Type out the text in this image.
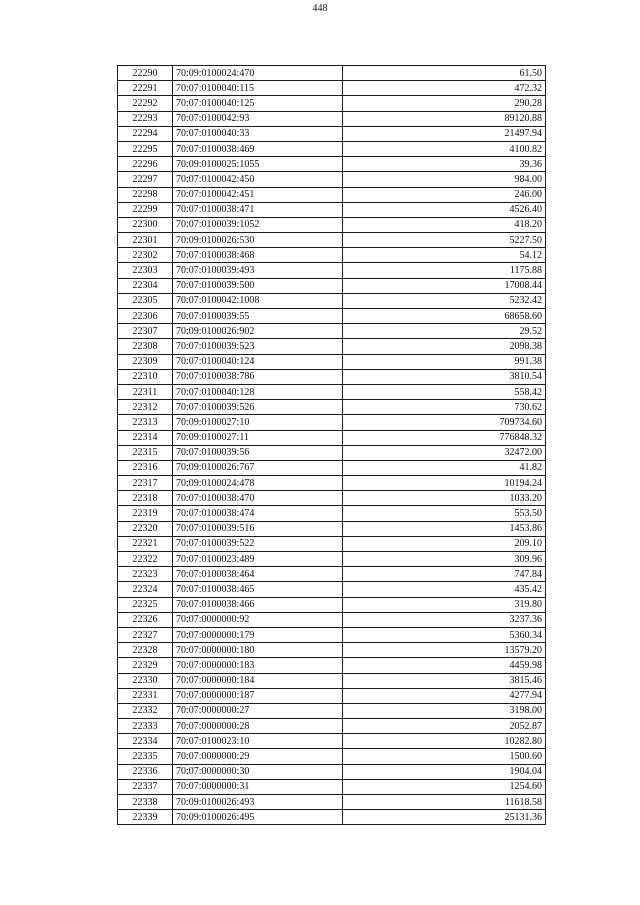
448
22290	70:09:0100024:470	61.50
22291	70:07:0100040:115	472.32
22292	70:07:0100040:125	290.28
22293	70:07:0100042:93	89120.88
22294	70:07:0100040:33	21497.94
22295	70:07:0100038:469	4100.82
22296	70:09:0100025:1055	39.36
22297	70:07:0100042:450	984.00
22298	70:07:0100042:451	246.00
22299	70:07:0100038:471	4526.40
22300	70:07:0100039:1052	418.20
22301	70:09:0100026:530	5227.50
22302	70:07:0100038:468	54.12
22303	70:07:0100039:493	1175.88
22304	70:07:0100039:500	17008.44
22305	70:07:0100042:1008	5232.42
22306	70:07:0100039:55	68658.60
22307	70:09:0100026:902	29.52
22308	70:07:0100039:523	2098.38
22309	70:07:0100040:124	991.38
22310	70:07:0100038:786	3810.54
22311	70:07:0100040:128	558.42
22312	70:07:0100039:526	730.62
22313	70:09:0100027:10	709734.60
22314	70:09:0100027:11	776848.32
22315	70:07:0100039:56	32472.00
22316	70:09:0100026:767	41.82
22317	70:09:0100024:478	10194.24
22318	70:07:0100038:470	1033.20
22319	70:07:0100038:474	553.50
22320	70:07:0100039:516	1453.86
22321	70:07:0100039:522	209.10
22322	70:07:0100023:489	309.96
22323	70:07:0100038:464	747.84
22324	70:07:0100038:465	435.42
22325	70:07:0100038:466	319.80
22326	70:07:0000000:92	3237.36
22327	70:07:0000000:179	5360.34
22328	70:07:0000000:180	13579.20
22329	70:07:0000000:183	4459.98
22330	70:07:0000000:184	3815.46
22331	70:07:0000000:187	4277.94
22332	70:07:0000000:27	3198.00
22333	70:07:0000000:28	2052.87
22334	70:07:0100023:10	10282.80
22335	70:07:0000000:29	1500.60
22336	70:07:0000000:30	1904.04
22337	70:07:0000000:31	1254.60
22338	70:09:0100026:493	11618.58
22339	70:09:0100026:495	25131.36
